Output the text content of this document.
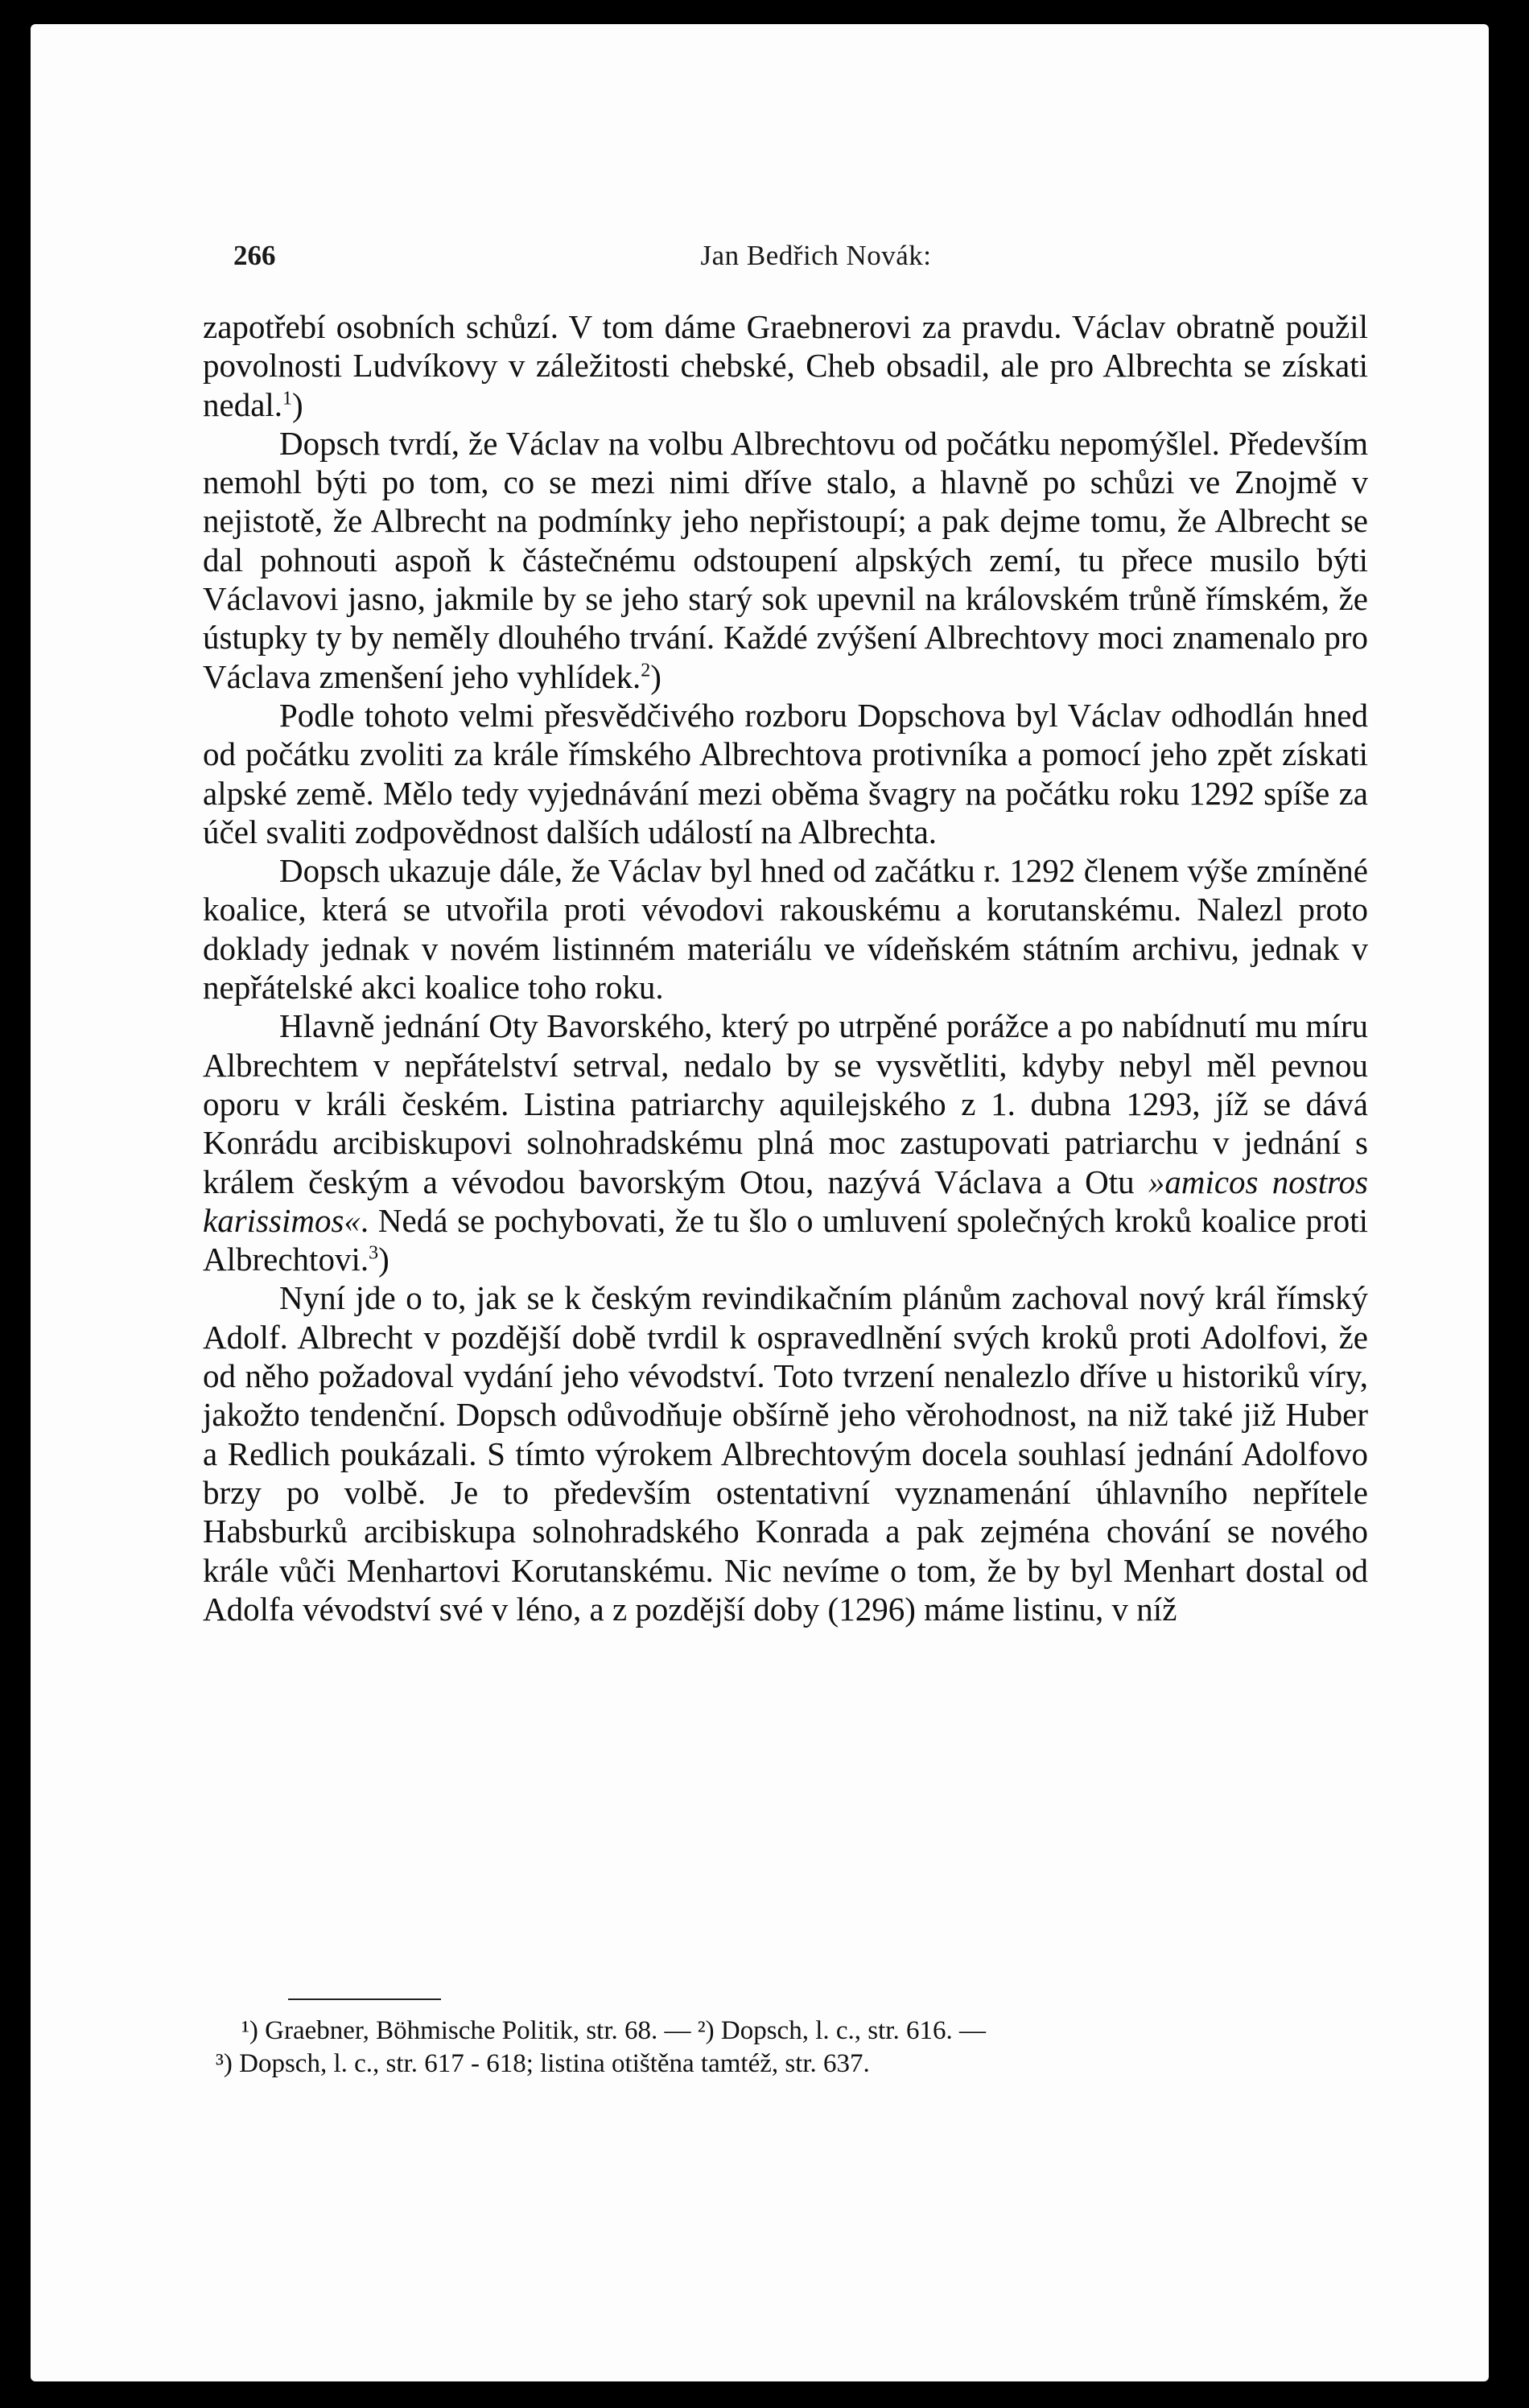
266	Jan Bedřich Novák:

zapotřebí osobních schůzí. V tom dáme Graebnerovi za pravdu. Václav obratně použil povolnosti Ludvíkovy v záležitosti chebské, Cheb obsadil, ale pro Albrechta se získati nedal.$^1$)

Dopsch tvrdí, že Václav na volbu Albrechtovu od počátku nepomýšlel. Především nemohl býti po tom, co se mezi nimi dříve stalo, a hlavně po schůzi ve Znojmě v nejistotě, že Albrecht na podmínky jeho nepřistoupí; a pak dejme tomu, že Albrecht se dal pohnouti aspoň k částečnému odstoupení alpských zemí, tu přece musilo býti Václavovi jasno, jakmile by se jeho starý sok upevnil na královském trůně římském, že ústupky ty by neměly dlouhého trvání. Každé zvýšení Albrechtovy moci znamenalo pro Václava zmenšení jeho vyhlídek.$^2$)

Podle tohoto velmi přesvědčivého rozboru Dopschova byl Václav odhodlán hned od počátku zvoliti za krále římského Albrechtova protivníka a pomocí jeho zpět získati alpské země. Mělo tedy vyjednávání mezi oběma švagry na počátku roku 1292 spíše za účel svaliti zodpovědnost dalších událostí na Albrechta.

Dopsch ukazuje dále, že Václav byl hned od začátku r. 1292 členem výše zmíněné koalice, která se utvořila proti vévodovi rakouskému a korutanskému. Nalezl proto doklady jednak v novém listinném materiálu ve vídeňském státním archivu, jednak v nepřátelské akci koalice toho roku.

Hlavně jednání Oty Bavorského, který po utrpěné porážce a po nabídnutí mu míru Albrechtem v nepřátelství setrval, nedalo by se vysvětliti, kdyby nebyl měl pevnou oporu v králi českém. Listina patriarchy aquilejského z 1. dubna 1293, jíž se dává Konrádu arcibiskupovi solnohradskému plná moc zastupovati patriarchu v jednání s králem českým a vévodou bavorským Otou, nazývá Václava a Otu »amicos nostros karissimos«. Nedá se pochybovati, že tu šlo o umluvení společných kroků koalice proti Albrechtovi.$^3$)

Nyní jde o to, jak se k českým revindikačním plánům zachoval nový král římský Adolf. Albrecht v pozdější době tvrdil k ospravedlnění svých kroků proti Adolfovi, že od něho požadoval vydání jeho vévodství. Toto tvrzení nenalezlo dříve u historiků víry, jakožto tendenční. Dopsch odůvodňuje obšírně jeho věrohodnost, na niž také již Huber a Redlich poukázali. S tímto výrokem Albrechtovým docela souhlasí jednání Adolfovo brzy po volbě. Je to především ostentativní vyznamenání úhlavního nepřítele Habsburků arcibiskupa solnohradského Konrada a pak zejména chování se nového krále vůči Menhartovi Korutanskému. Nic nevíme o tom, že by byl Menhart dostal od Adolfa vévodství své v léno, a z pozdější doby (1296) máme listinu, v níž

¹) Graebner, Böhmische Politik, str. 68. — ²) Dopsch, l. c., str. 616. —

³) Dopsch, l. c., str. 617 - 618; listina otištěna tamtéž, str. 637.
